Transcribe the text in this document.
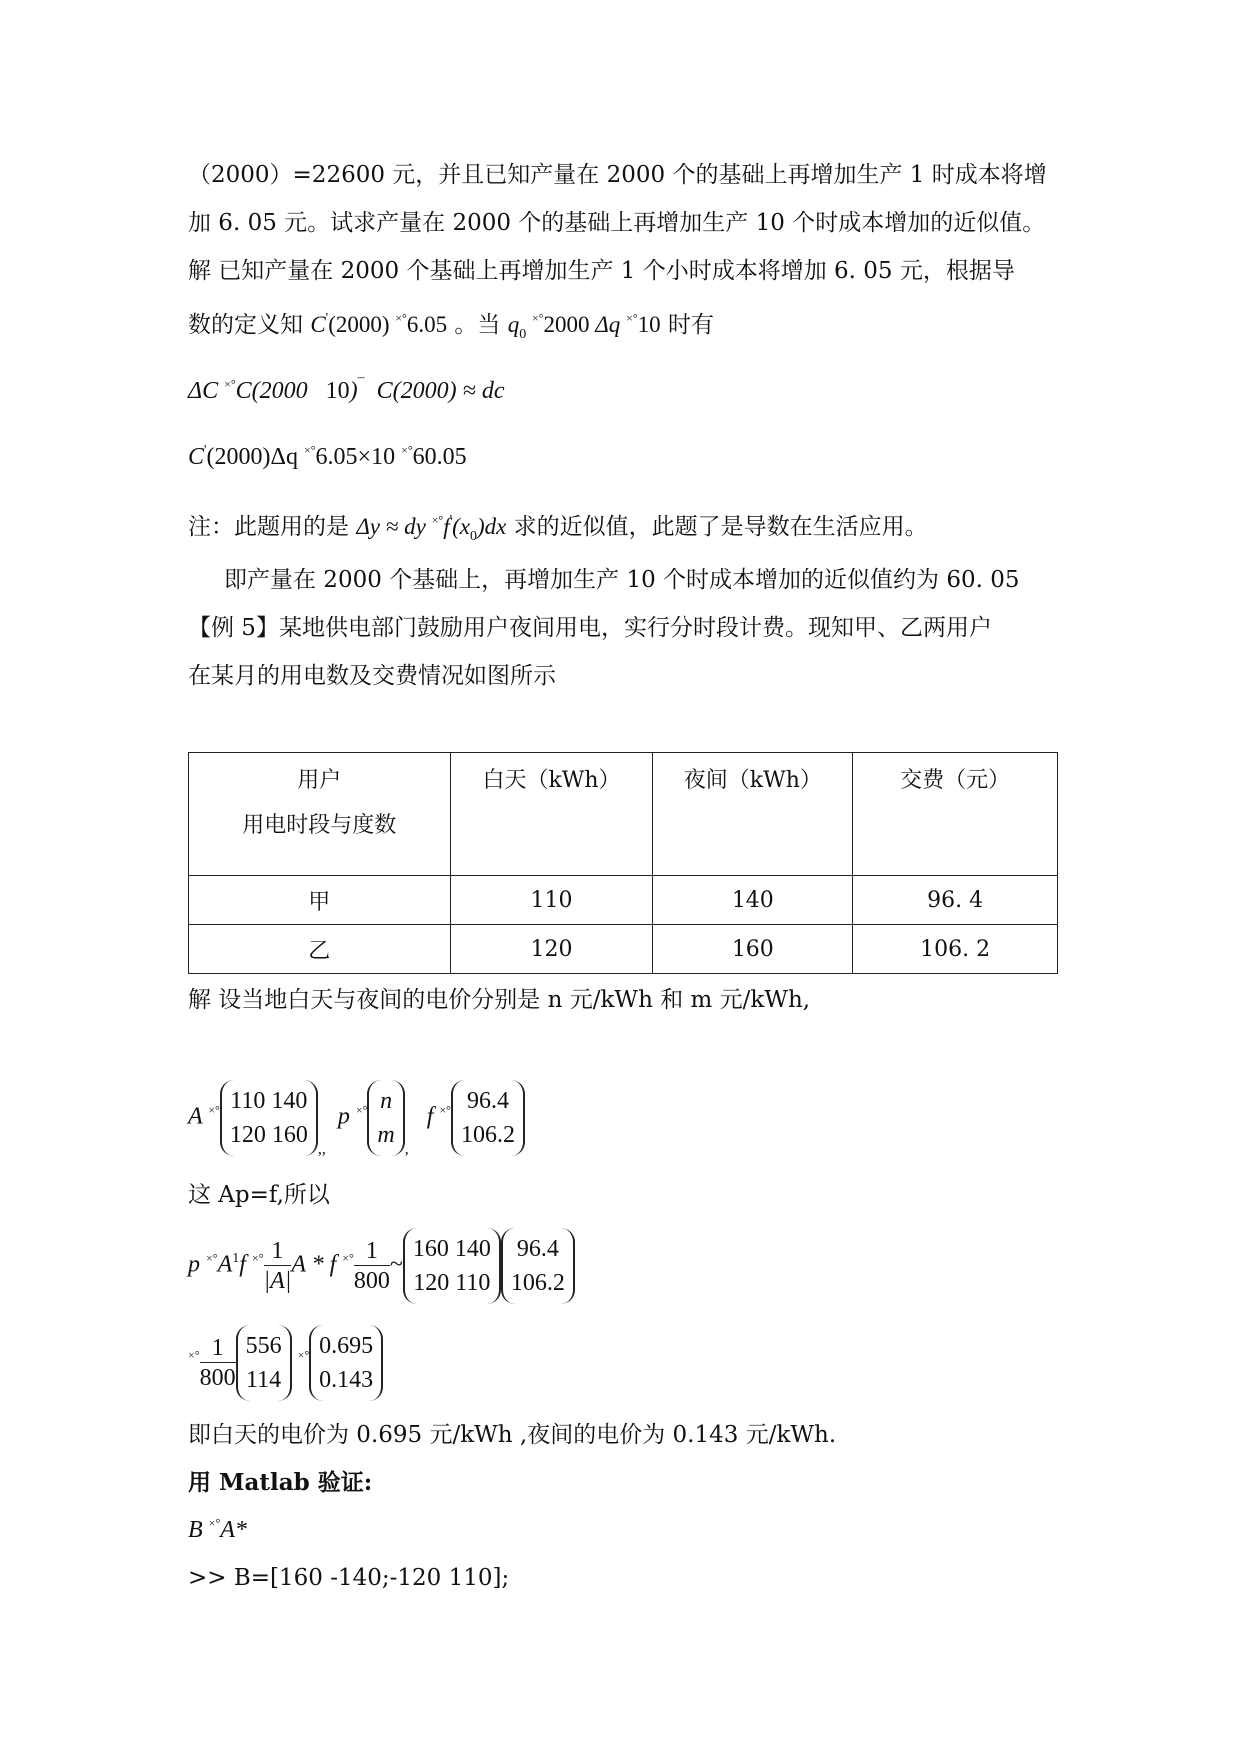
（2000）=22600 元，并且已知产量在 2000 个的基础上再增加生产 1 时成本将增
加 6. 05 元。试求产量在 2000 个的基础上再增加生产 10 个时成本增加的近似值。
解 已知产量在 2000 个基础上再增加生产 1 个小时成本将增加 6. 05 元，根据导
数的定义知 C'(2000) ×°6.05 。当 $q_0$ ×°2000 Δq ×°10 时有
ΔC ×°C(2000 10)¯ C(2000) ≈ dc
C'(2000)Δq ×°6.05×10 ×°60.05
注：此题用的是 Δy ≈ dy $^{\times^\circ}f'(x_0)dx$ 求的近似值，此题了是导数在生活应用。
即产量在 2000 个基础上，再增加生产 10 个时成本增加的近似值约为 60. 05
【例 5】某地供电部门鼓励用户夜间用电，实行分时段计费。现知甲、乙两用户
在某月的用电数及交费情况如图所示
用户
用电时段与度数	白天（kWh）	夜间（kWh）	交费（元）

甲	110	140	96. 4
乙	120	160	106. 2
解 设当地白天与夜间的电价分别是 n 元/kWh 和 m 元/kWh,
A ×° 110 140
120 160
$_{,,}$  p ×° n
m
$_,$   f ×° 96.4
106.2
这 Ap=f,所以
p $^{\times^\circ}A^1f$ $^{\times^\circ} \frac{1}{|A|}$ A * f $^{\times^\circ} \frac{1}{800}$ ~
160 140
120 110
96.4
106.2
$^{\times^\circ} \frac{1}{800} 556$
114
×° 0.695
0.143
即白天的电价为 0.695 元/kWh ,夜间的电价为 0.143 元/kWh.
用 Matlab 验证:
B ×°A*
>> B=[160 -140;-120 110];
